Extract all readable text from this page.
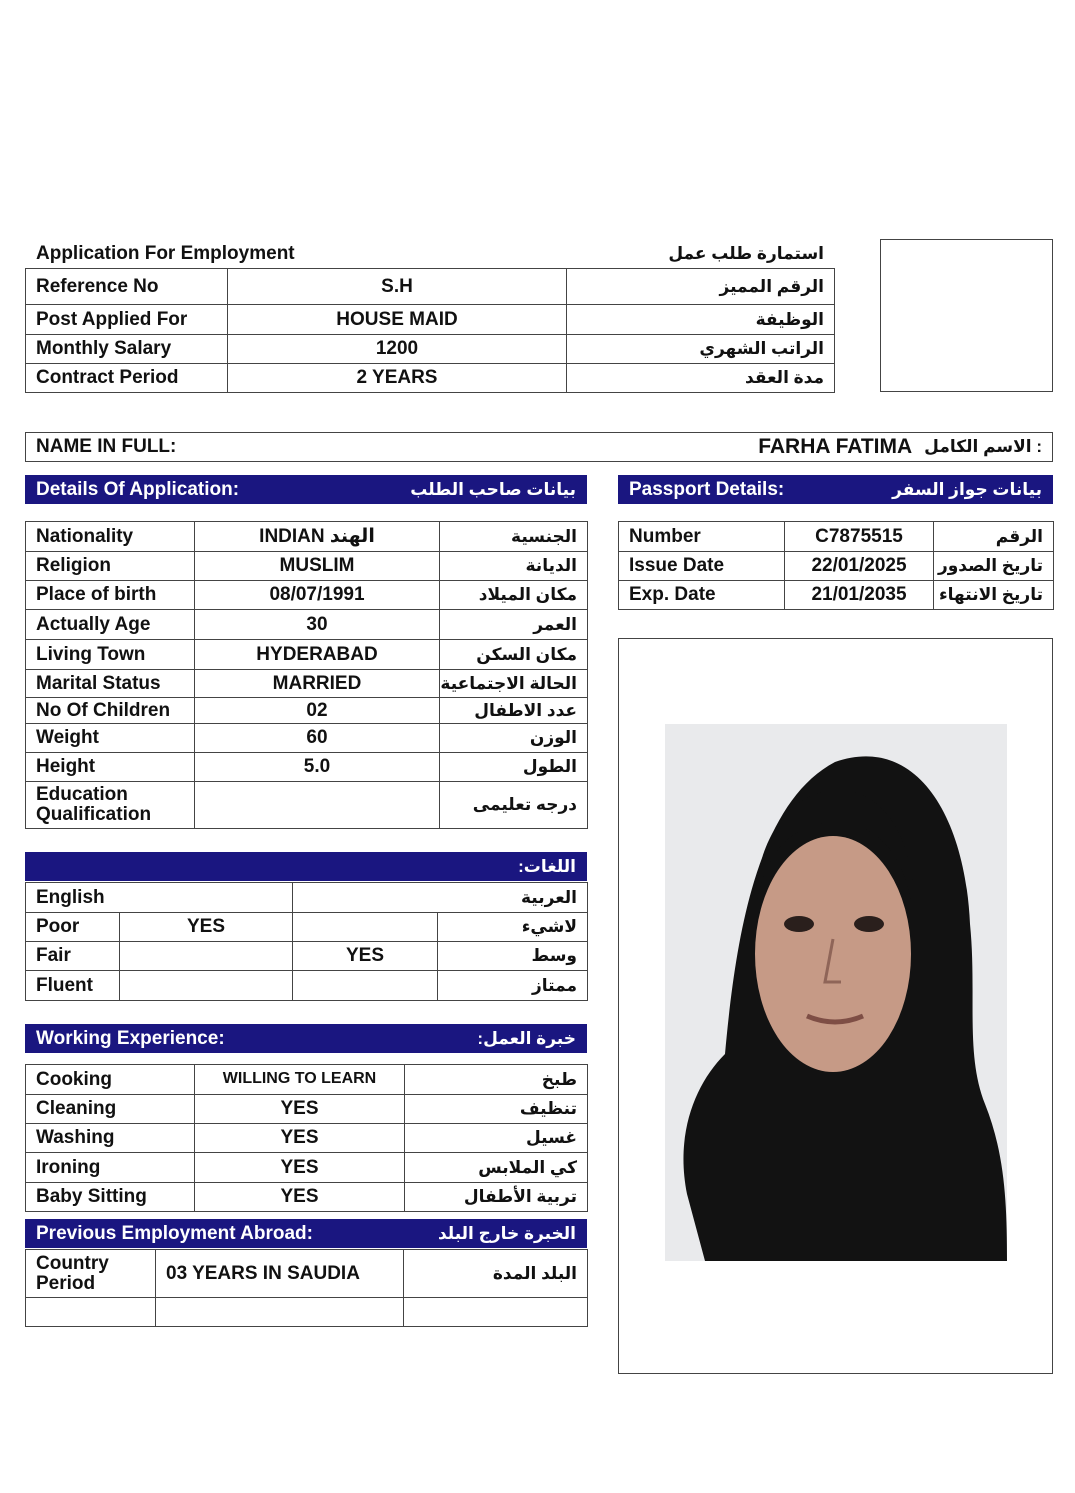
Application For Employment	استمارة طلب عمل
Reference No	S.H	الرقم المميز
Post Applied For	HOUSE MAID	الوظيفة
Monthly Salary	1200	الراتب الشهري
Contract Period	2 YEARS	مدة العقد
NAME IN FULL:	FARHA FATIMA : الاسم الكامل
Details Of Application:	بيانات صاحب الطلب
Nationality	INDIAN الهند	الجنسية
Religion	MUSLIM	الديانة
Place of birth	08/07/1991	مكان الميلاد
Actually Age	30	العمر
Living Town	HYDERABAD	مكان السكن
Marital Status	MARRIED	الحالة الاجتماعية
No Of Children	02	عدد الاطفال
Weight	60	الوزن
Height	5.0	الطول
Education Qualification		درجه تعليمى
Passport Details:	بيانات جواز السفر
Number	C7875515	الرقم
Issue Date	22/01/2025	تاريخ الصدور
Exp. Date	21/01/2035	تاريخ الانتهاء
اللغات:
English		العربية	
Poor	YES		لاشيء
Fair		YES	وسط
Fluent			ممتاز
Working Experience:	خبرة العمل:
Cooking	WILLING TO LEARN	طبخ
Cleaning	YES	تنظيف
Washing	YES	غسيل
Ironing	YES	كي الملابس
Baby Sitting	YES	تربية الأطفال
Previous Employment Abroad:	الخبرة خارج البلد
Country Period	03 YEARS IN SAUDIA	البلد المدة
